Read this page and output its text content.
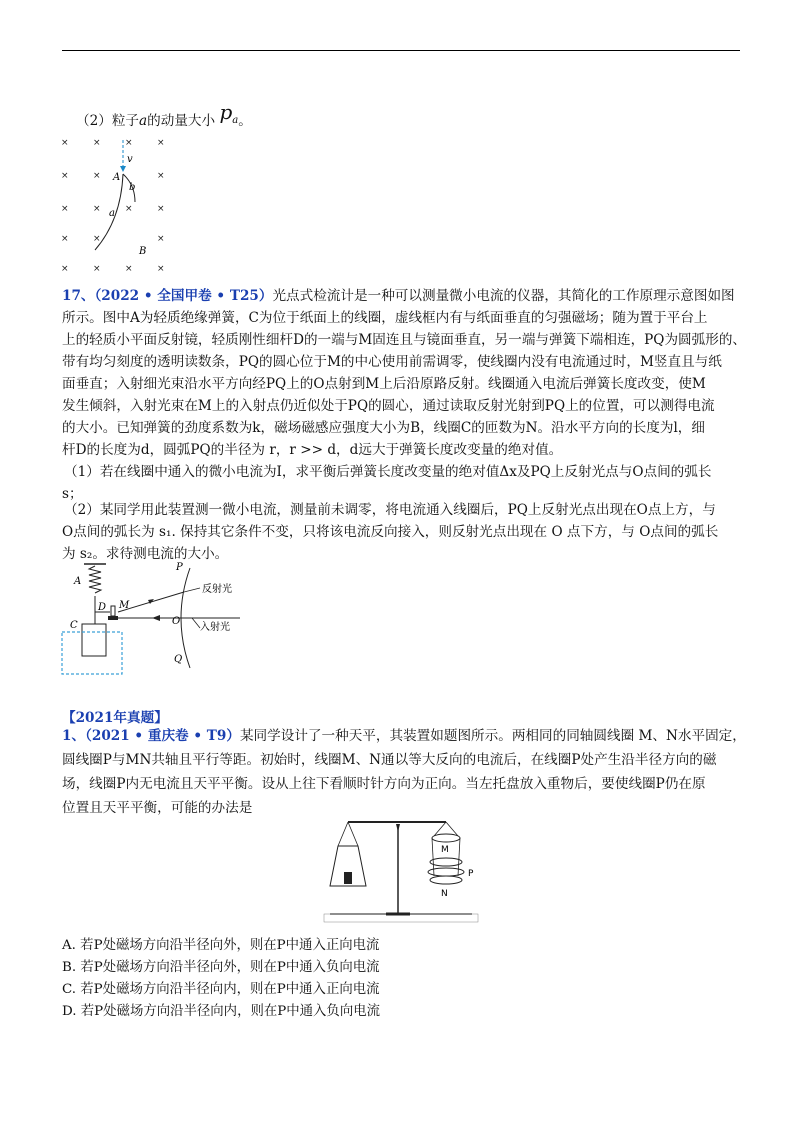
（2）粒子a的动量大小 $p_a$。
×	×	×	×
×	×	×
×	×	×	×
×	×	×
×	×	×	×
v
A
b
a
B
17、（2022 • 全国甲卷 • T25）光点式检流计是一种可以测量微小电流的仪器，其简化的工作原理示意图如图
所示。图中A为轻质绝缘弹簧，C为位于纸面上的线圈，虚线框内有与纸面垂直的匀强磁场；随为置于平台上
上的轻质小平面反射镜，轻质刚性细杆D的一端与M固连且与镜面垂直，另一端与弹簧下端相连，PQ为圆弧形的、
带有均匀刻度的透明读数条，PQ的圆心位于M的中心使用前需调零，使线圈内没有电流通过时，M竖直且与纸
面垂直；入射细光束沿水平方向经PQ上的O点射到M上后沿原路反射。线圈通入电流后弹簧长度改变，使M
发生倾斜，入射光束在M上的入射点仍近似处于PQ的圆心，通过读取反射光射到PQ上的位置，可以测得电流
的大小。已知弹簧的劲度系数为k，磁场磁感应强度大小为B，线圈C的匝数为N。沿水平方向的长度为l，细
杆D的长度为d，圆弧PQ的半径为 r，r >> d，d远大于弹簧长度改变量的绝对值。
（1）若在线圈中通入的微小电流为I，求平衡后弹簧长度改变量的绝对值Δx及PQ上反射光点与O点间的弧长
s；
（2）某同学用此装置测一微小电流，测量前未调零，将电流通入线圈后，PQ上反射光点出现在O点上方，与
O点间的弧长为 s₁. 保持其它条件不变，只将该电流反向接入，则反射光点出现在 O 点下方，与 O点间的弧长
为 s₂。求待测电流的大小。
A
D M
C
P
O
Q
反射光
入射光
【2021年真题】
1、（2021 • 重庆卷 • T9）某同学设计了一种天平，其装置如题图所示。两相同的同轴圆线圈 M、N水平固定，
圆线圈P与MN共轴且平行等距。初始时，线圈M、N通以等大反向的电流后，在线圈P处产生沿半径方向的磁
场，线圈P内无电流且天平平衡。设从上往下看顺时针方向为正向。当左托盘放入重物后，要使线圈P仍在原
位置且天平平衡，可能的办法是
M
P
N
A. 若P处磁场方向沿半径向外，则在P中通入正向电流
B. 若P处磁场方向沿半径向外，则在P中通入负向电流
C. 若P处磁场方向沿半径向内，则在P中通入正向电流
D. 若P处磁场方向沿半径向内，则在P中通入负向电流
